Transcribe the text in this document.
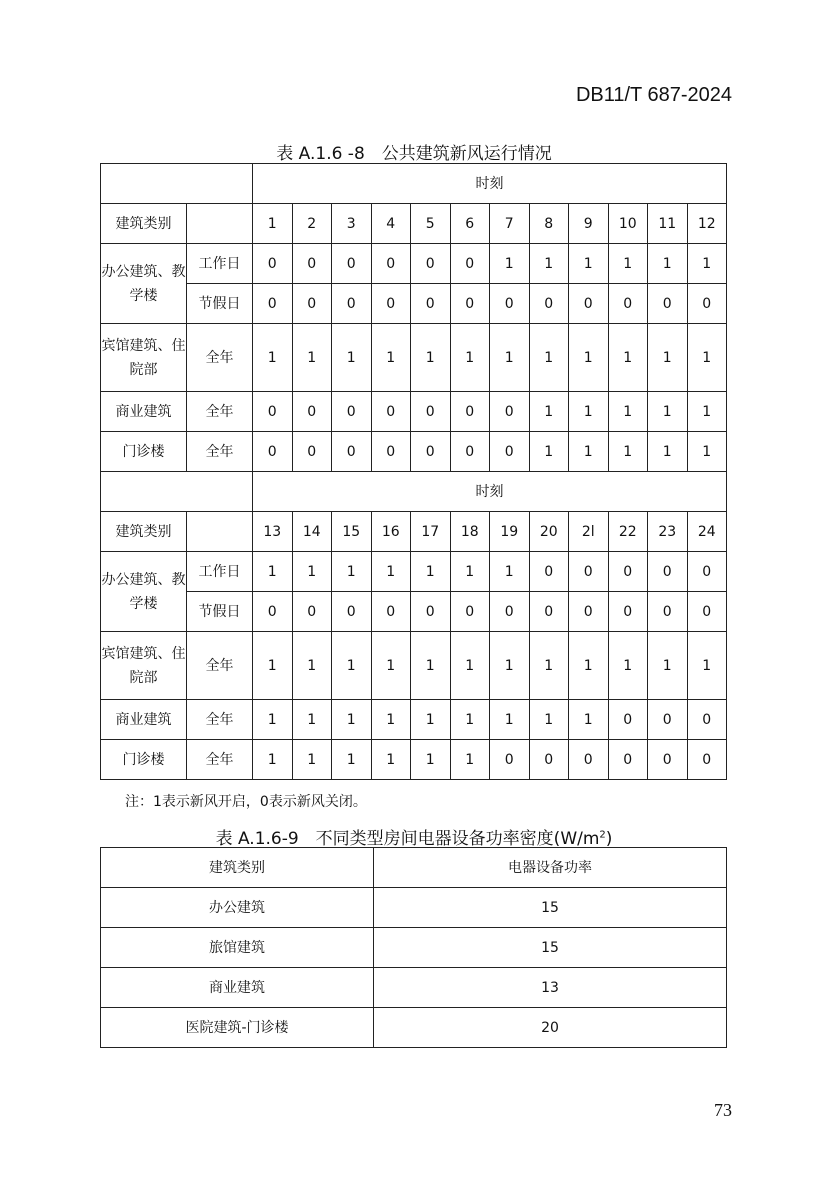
DB11/T 687-2024
表 A.1.6 -8　公共建筑新风运行情况
		时刻											
建筑类别		1	2	3	4	5	6	7	8	9	10	11	12
办公建筑、教学楼	工作日	0	0	0	0	0	0	1	1	1	1	1	1
	节假日	0	0	0	0	0	0	0	0	0	0	0	0
宾馆建筑、住院部	全年	1	1	1	1	1	1	1	1	1	1	1	1
商业建筑	全年	0	0	0	0	0	0	0	1	1	1	1	1
门诊楼	全年	0	0	0	0	0	0	0	1	1	1	1	1
		时刻											
建筑类别		13	14	15	16	17	18	19	20	2l	22	23	24
办公建筑、教学楼	工作日	1	1	1	1	1	1	1	0	0	0	0	0
	节假日	0	0	0	0	0	0	0	0	0	0	0	0
宾馆建筑、住院部	全年	1	1	1	1	1	1	1	1	1	1	1	1
商业建筑	全年	1	1	1	1	1	1	1	1	1	0	0	0
门诊楼	全年	1	1	1	1	1	1	0	0	0	0	0	0
注：1表示新风开启，0表示新风关闭。
表 A.1.6-9　不同类型房间电器设备功率密度$(W/m^2)$
建筑类别	电器设备功率
办公建筑	15
旅馆建筑	15
商业建筑	13
医院建筑-门诊楼	20
73
